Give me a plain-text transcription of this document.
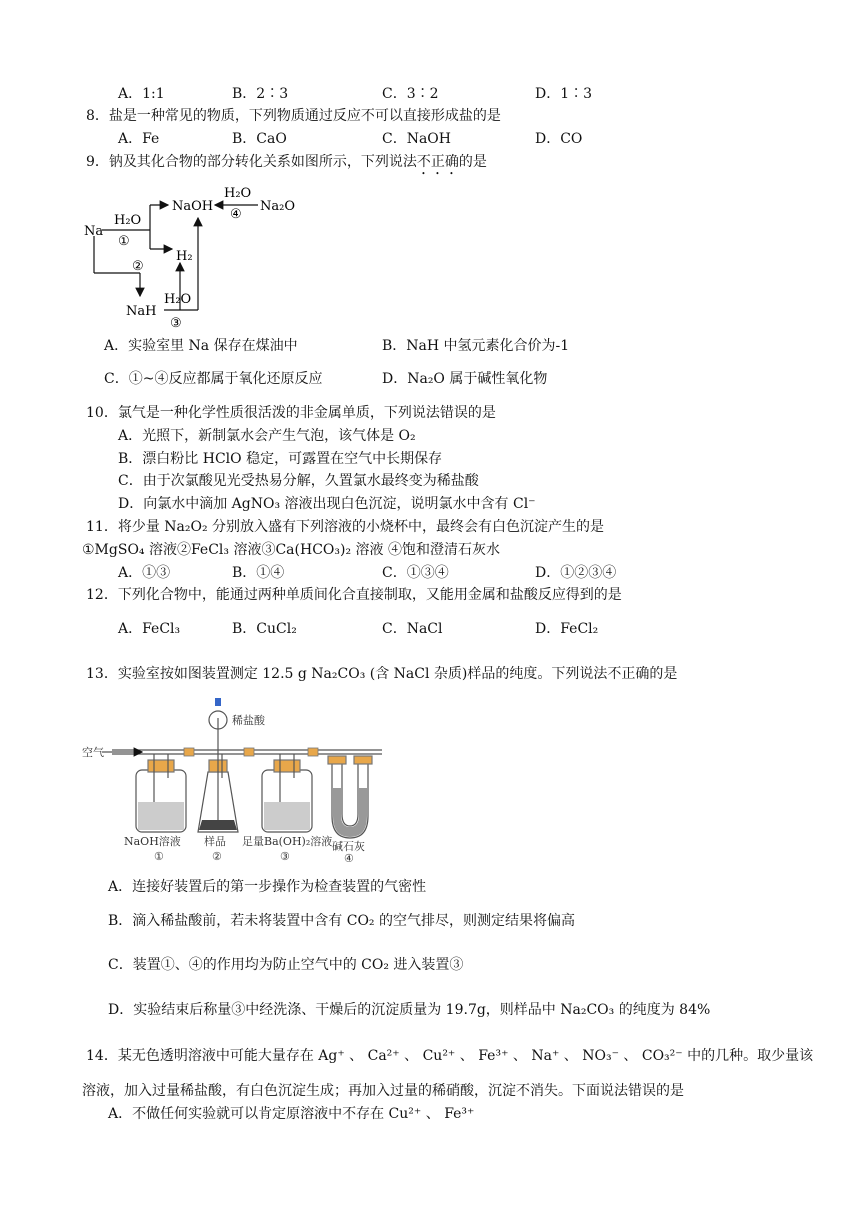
A．1:1	B．2∶3	C．3∶2	D．1∶3
8．盐是一种常见的物质，下列物质通过反应不可以直接形成盐的是
A．Fe	B．CaO	C．NaOH	D．CO
9．钠及其化合物的部分转化关系如图所示，下列说法不正确的是
Na
NaOH	Na₂O
H₂
NaH
H₂O
①
②
H₂O
③
H₂O
④
A．实验室里 Na 保存在煤油中	B．NaH 中氢元素化合价为-1
C．①~④反应都属于氧化还原反应	D．Na₂O 属于碱性氧化物
10．氯气是一种化学性质很活泼的非金属单质，下列说法错误的是
A．光照下，新制氯水会产生气泡，该气体是 O₂
B．漂白粉比 HClO 稳定，可露置在空气中长期保存
C．由于次氯酸见光受热易分解，久置氯水最终变为稀盐酸
D．向氯水中滴加 AgNO₃ 溶液出现白色沉淀，说明氯水中含有 Cl⁻
11．将少量 Na₂O₂ 分别放入盛有下列溶液的小烧杯中，最终会有白色沉淀产生的是
①MgSO₄ 溶液②FeCl₃ 溶液③Ca(HCO₃)₂ 溶液 ④饱和澄清石灰水
A．①③	B．①④	C．①③④	D．①②③④
12．下列化合物中，能通过两种单质间化合直接制取，又能用金属和盐酸反应得到的是
A．FeCl₃	B．CuCl₂	C．NaCl	D．FeCl₂
13．实验室按如图装置测定 12.5 g Na₂CO₃ (含 NaCl 杂质)样品的纯度。下列说法不正确的是
空气
稀盐酸
NaOH溶液 样品 足量Ba(OH)₂溶液 碱石灰
①	②	③	④
A．连接好装置后的第一步操作为检查装置的气密性
B．滴入稀盐酸前，若未将装置中含有 CO₂ 的空气排尽，则测定结果将偏高
C．装置①、④的作用均为防止空气中的 CO₂ 进入装置③
D．实验结束后称量③中经洗涤、干燥后的沉淀质量为 19.7g，则样品中 Na₂CO₃ 的纯度为 84%
14．某无色透明溶液中可能大量存在 Ag⁺ 、 Ca²⁺ 、 Cu²⁺ 、 Fe³⁺ 、 Na⁺ 、 NO₃⁻ 、 CO₃²⁻ 中的几种。取少量该
溶液，加入过量稀盐酸，有白色沉淀生成；再加入过量的稀硝酸，沉淀不消失。下面说法错误的是
A．不做任何实验就可以肯定原溶液中不存在 Cu²⁺ 、 Fe³⁺
